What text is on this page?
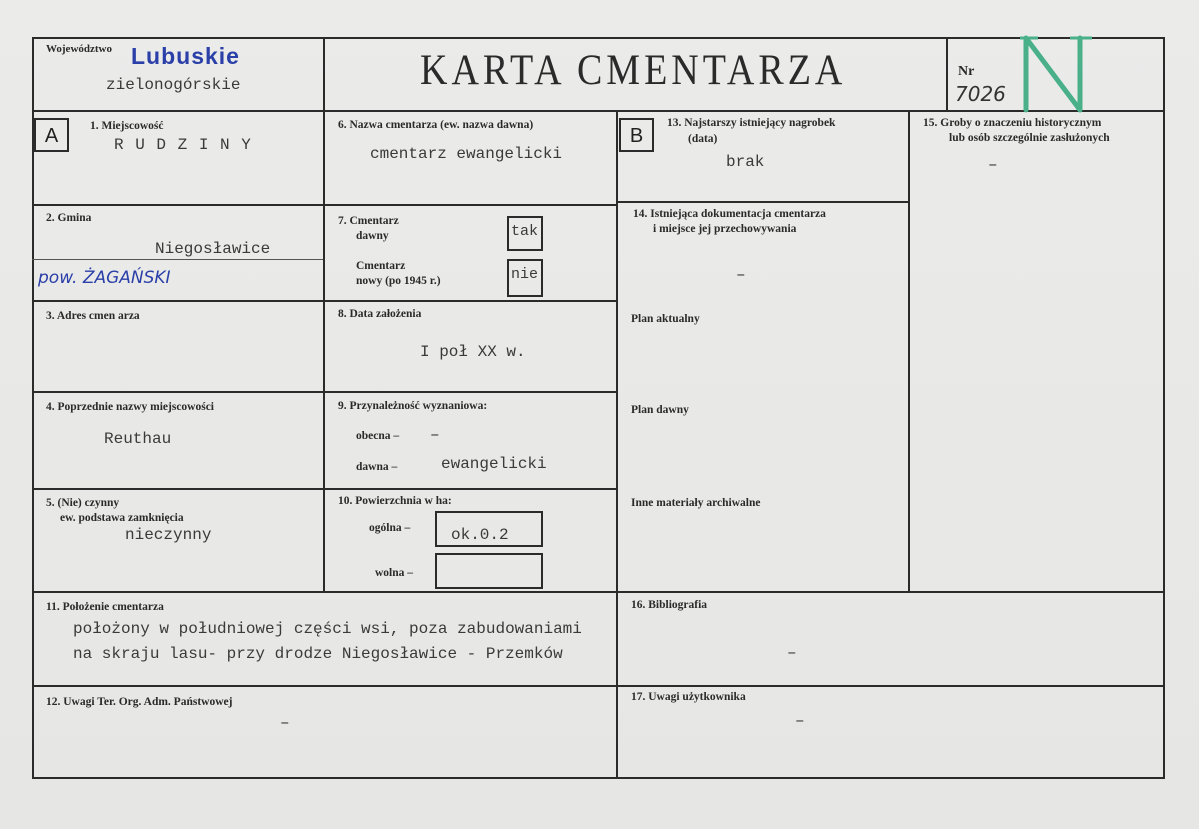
Województwo Lubuskie
zielonogórskie	KARTA CMENTARZA	Nr
7026
A	1. Miejscowość
R U D Z I N Y
2. Gmina
Niegosławice
pow. ŻAGAŃSKI
3. Adres cmen arza
4. Poprzednie nazwy miejscowości
Reuthau
5. (Nie) czynny
ew. podstawa zamknięcia
nieczynny
6. Nazwa cmentarza (ew. nazwa dawna)
cmentarz ewangelicki
7. Cmentarz
dawny	tak
Cmentarz
nowy (po 1945 r.)	nie
8. Data założenia
I poł XX w.
9. Przynależność wyznaniowa:
obecna – –
dawna –	ewangelicki
10. Powierzchnia w ha:
ogólna –	ok.0.2
wolna –
B
13. Najstarszy istniejący nagrobek
(data)
brak
14. Istniejąca dokumentacja cmentarza
i miejsce jej przechowywania
–
Plan aktualny
Plan dawny
Inne materiały archiwalne
15. Groby o znaczeniu historycznym
lub osób szczególnie zasłużonych
–
11. Położenie cmentarza
położony w południowej części wsi, poza zabudowaniami
na skraju lasu- przy drodze Niegosławice - Przemków
16. Bibliografia
–
12. Uwagi Ter. Org. Adm. Państwowej
–
17. Uwagi użytkownika
–
